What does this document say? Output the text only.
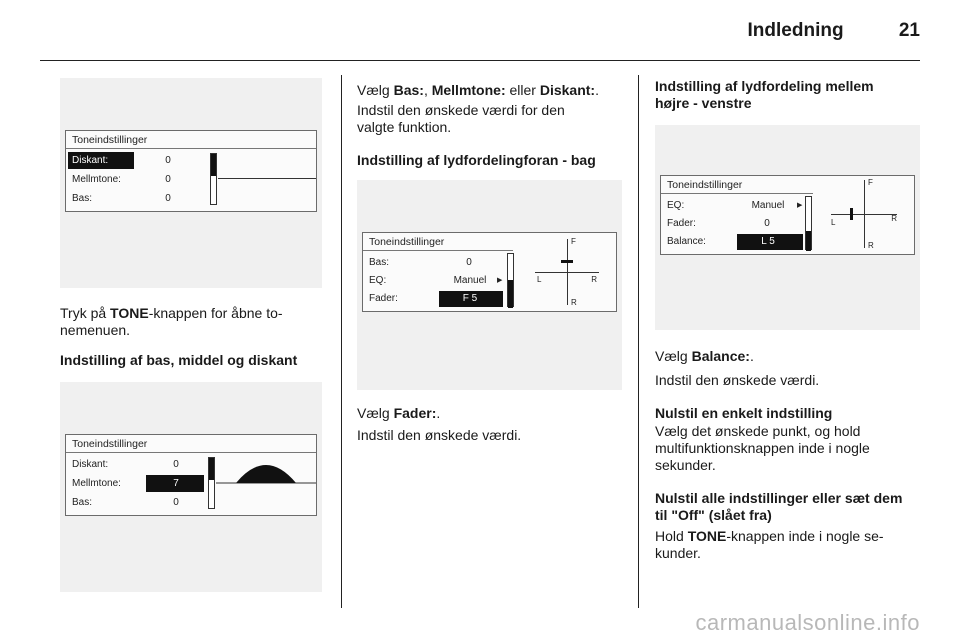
Indledning	21
Toneindstillinger
Diskant:	0
Mellmtone:	0
Bas:	0

Tryk på TONE-knappen for åbne to-
nemenuen.

Indstilling af bas, middel og diskant

Toneindstillinger
Diskant:	0
Mellmtone:	7
Bas:	0

Vælg Bas:, Mellmtone: eller Diskant:.

Indstil den ønskede værdi for den
valgte funktion.

Indstilling af lydfordelingforan - bag

Toneindstillinger
Bas:	0
EQ:	Manuel	▶
Fader:	F 5
F
R
L	R

Vælg Fader:.

Indstil den ønskede værdi.

Indstilling af lydfordeling mellem
højre - venstre

Toneindstillinger
EQ:	Manuel	▶
Fader:	0
Balance:	L 5
F
R
L	R

Vælg Balance:.

Indstil den ønskede værdi.

Nulstil en enkelt indstilling

Vælg det ønskede punkt, og hold
multifunktionsknappen inde i nogle
sekunder.

Nulstil alle indstillinger eller sæt dem
til "Off" (slået fra)

Hold TONE-knappen inde i nogle se-
kunder.

carmanualsonline.info
